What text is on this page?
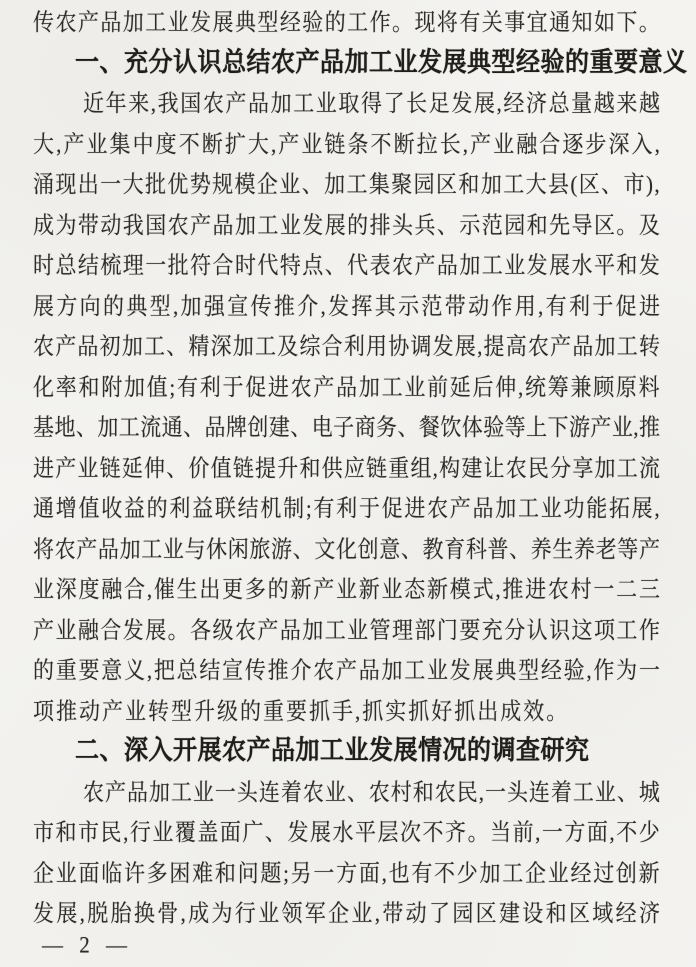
传 农 产 品 加 工 业 发 展 典 型 经 验 的 工 作 。 现 将 有 关 事 宜 通 知 如 下 。
一、充分认识总结农产品加工业发展典型经验的重要意义
近 年 来 , 我 国 农 产 品 加 工 业 取 得 了 长 足 发 展 , 经 济 总 量 越 来 越
大 , 产 业 集 中 度 不 断 扩 大 , 产 业 链 条 不 断 拉 长 , 产 业 融 合 逐 步 深 入 ,
涌 现 出 一 大 批 优 势 规 模 企 业 、 加 工 集 聚 园 区 和 加 工 大 县 ( 区 、 市 ) ,
成 为 带 动 我 国 农 产 品 加 工 业 发 展 的 排 头 兵 、 示 范 园 和 先 导 区 。 及
时 总 结 梳 理 一 批 符 合 时 代 特 点 、 代 表 农 产 品 加 工 业 发 展 水 平 和 发
展 方 向 的 典 型 , 加 强 宣 传 推 介 , 发 挥 其 示 范 带 动 作 用 , 有 利 于 促 进
农 产 品 初 加 工 、 精 深 加 工 及 综 合 利 用 协 调 发 展 , 提 高 农 产 品 加 工 转
化 率 和 附 加 值 ; 有 利 于 促 进 农 产 品 加 工 业 前 延 后 伸 , 统 筹 兼 顾 原 料
基 地 、 加 工 流 通 、 品 牌 创 建 、 电 子 商 务 、 餐 饮 体 验 等 上 下 游 产 业 , 推
进 产 业 链 延 伸 、 价 值 链 提 升 和 供 应 链 重 组 , 构 建 让 农 民 分 享 加 工 流
通 增 值 收 益 的 利 益 联 结 机 制 ; 有 利 于 促 进 农 产 品 加 工 业 功 能 拓 展 ,
将 农 产 品 加 工 业 与 休 闲 旅 游 、 文 化 创 意 、 教 育 科 普 、 养 生 养 老 等 产
业 深 度 融 合 , 催 生 出 更 多 的 新 产 业 新 业 态 新 模 式 , 推 进 农 村 一 二 三
产 业 融 合 发 展 。 各 级 农 产 品 加 工 业 管 理 部 门 要 充 分 认 识 这 项 工 作
的 重 要 意 义 , 把 总 结 宣 传 推 介 农 产 品 加 工 业 发 展 典 型 经 验 , 作 为 一
项推动产业转型升级的重要抓手,抓实抓好抓出成效。
二、深入开展农产品加工业发展情况的调查研究
农 产 品 加 工 业 一 头 连 着 农 业 、 农 村 和 农 民 , 一 头 连 着 工 业 、 城
市 和 市 民 , 行 业 覆 盖 面 广 、 发 展 水 平 层 次 不 齐 。 当 前 , 一 方 面 , 不 少
企 业 面 临 许 多 困 难 和 问 题 ; 另 一 方 面 , 也 有 不 少 加 工 企 业 经 过 创 新
发 展 , 脱 胎 换 骨 , 成 为 行 业 领 军 企 业 , 带 动 了 园 区 建 设 和 区 域 经 济
— 2 —
